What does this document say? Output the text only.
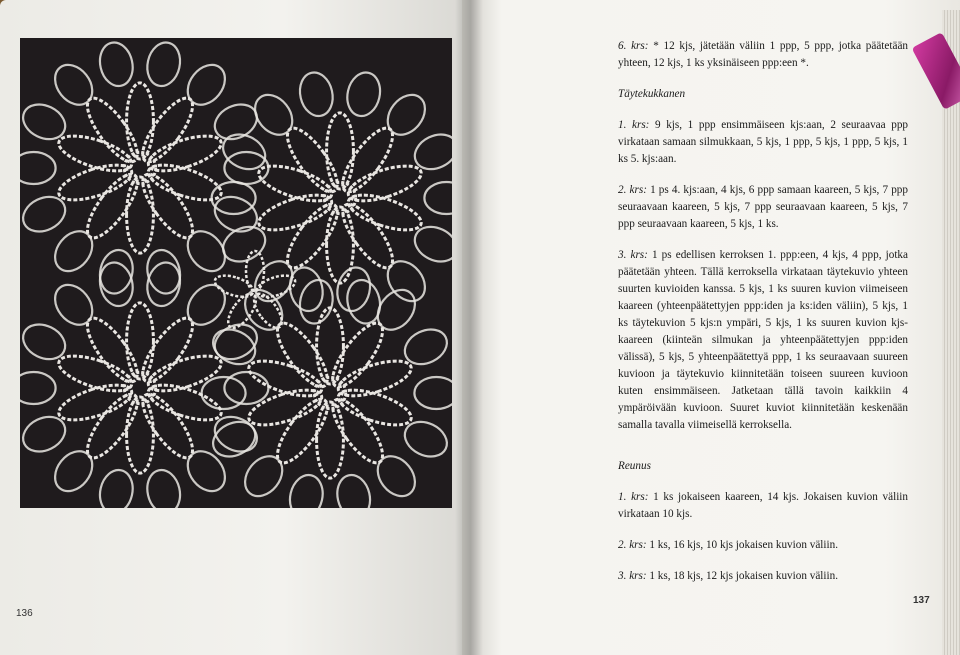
136

6. krs: * 12 kjs, jätetään väliin 1 ppp, 5 ppp, jotka päätetään yhteen, 12 kjs, 1 ks yksinäiseen ppp:een *.

Täytekukkanen

1. krs: 9 kjs, 1 ppp ensimmäiseen kjs:aan, 2 seuraavaa ppp virkataan samaan silmukkaan, 5 kjs, 1 ppp, 5 kjs, 1 ppp, 5 kjs, 1 ks 5. kjs:aan.

2. krs: 1 ps 4. kjs:aan, 4 kjs, 6 ppp samaan kaareen, 5 kjs, 7 ppp seuraavaan kaareen, 5 kjs, 7 ppp seuraavaan kaareen, 5 kjs, 7 ppp seuraavaan kaareen, 5 kjs, 1 ks.

3. krs: 1 ps edellisen kerroksen 1. ppp:een, 4 kjs, 4 ppp, jotka päätetään yhteen. Tällä kerroksella virkataan täytekuvio yhteen suurten kuvioiden kanssa. 5 kjs, 1 ks suuren kuvion viimeiseen kaareen (yhteenpäätettyjen ppp:iden ja ks:iden väliin), 5 kjs, 1 ks täytekuvion 5 kjs:n ympäri, 5 kjs, 1 ks suuren kuvion kjs-kaareen (kiinteän silmukan ja yhteenpäätettyjen ppp:iden välissä), 5 kjs, 5 yhteenpäätettyä ppp, 1 ks seuraavaan suureen kuvioon ja täytekuvio kiinnitetään toiseen suureen kuvioon kuten ensimmäiseen. Jatketaan tällä tavoin kaikkiin 4 ympäröivään kuvioon. Suuret kuviot kiinnitetään keskenään samalla tavalla viimeisellä kerroksella.

Reunus

1. krs: 1 ks jokaiseen kaareen, 14 kjs. Jokaisen kuvion väliin virkataan 10 kjs.

2. krs: 1 ks, 16 kjs, 10 kjs jokaisen kuvion väliin.

3. krs: 1 ks, 18 kjs, 12 kjs jokaisen kuvion väliin.

137
